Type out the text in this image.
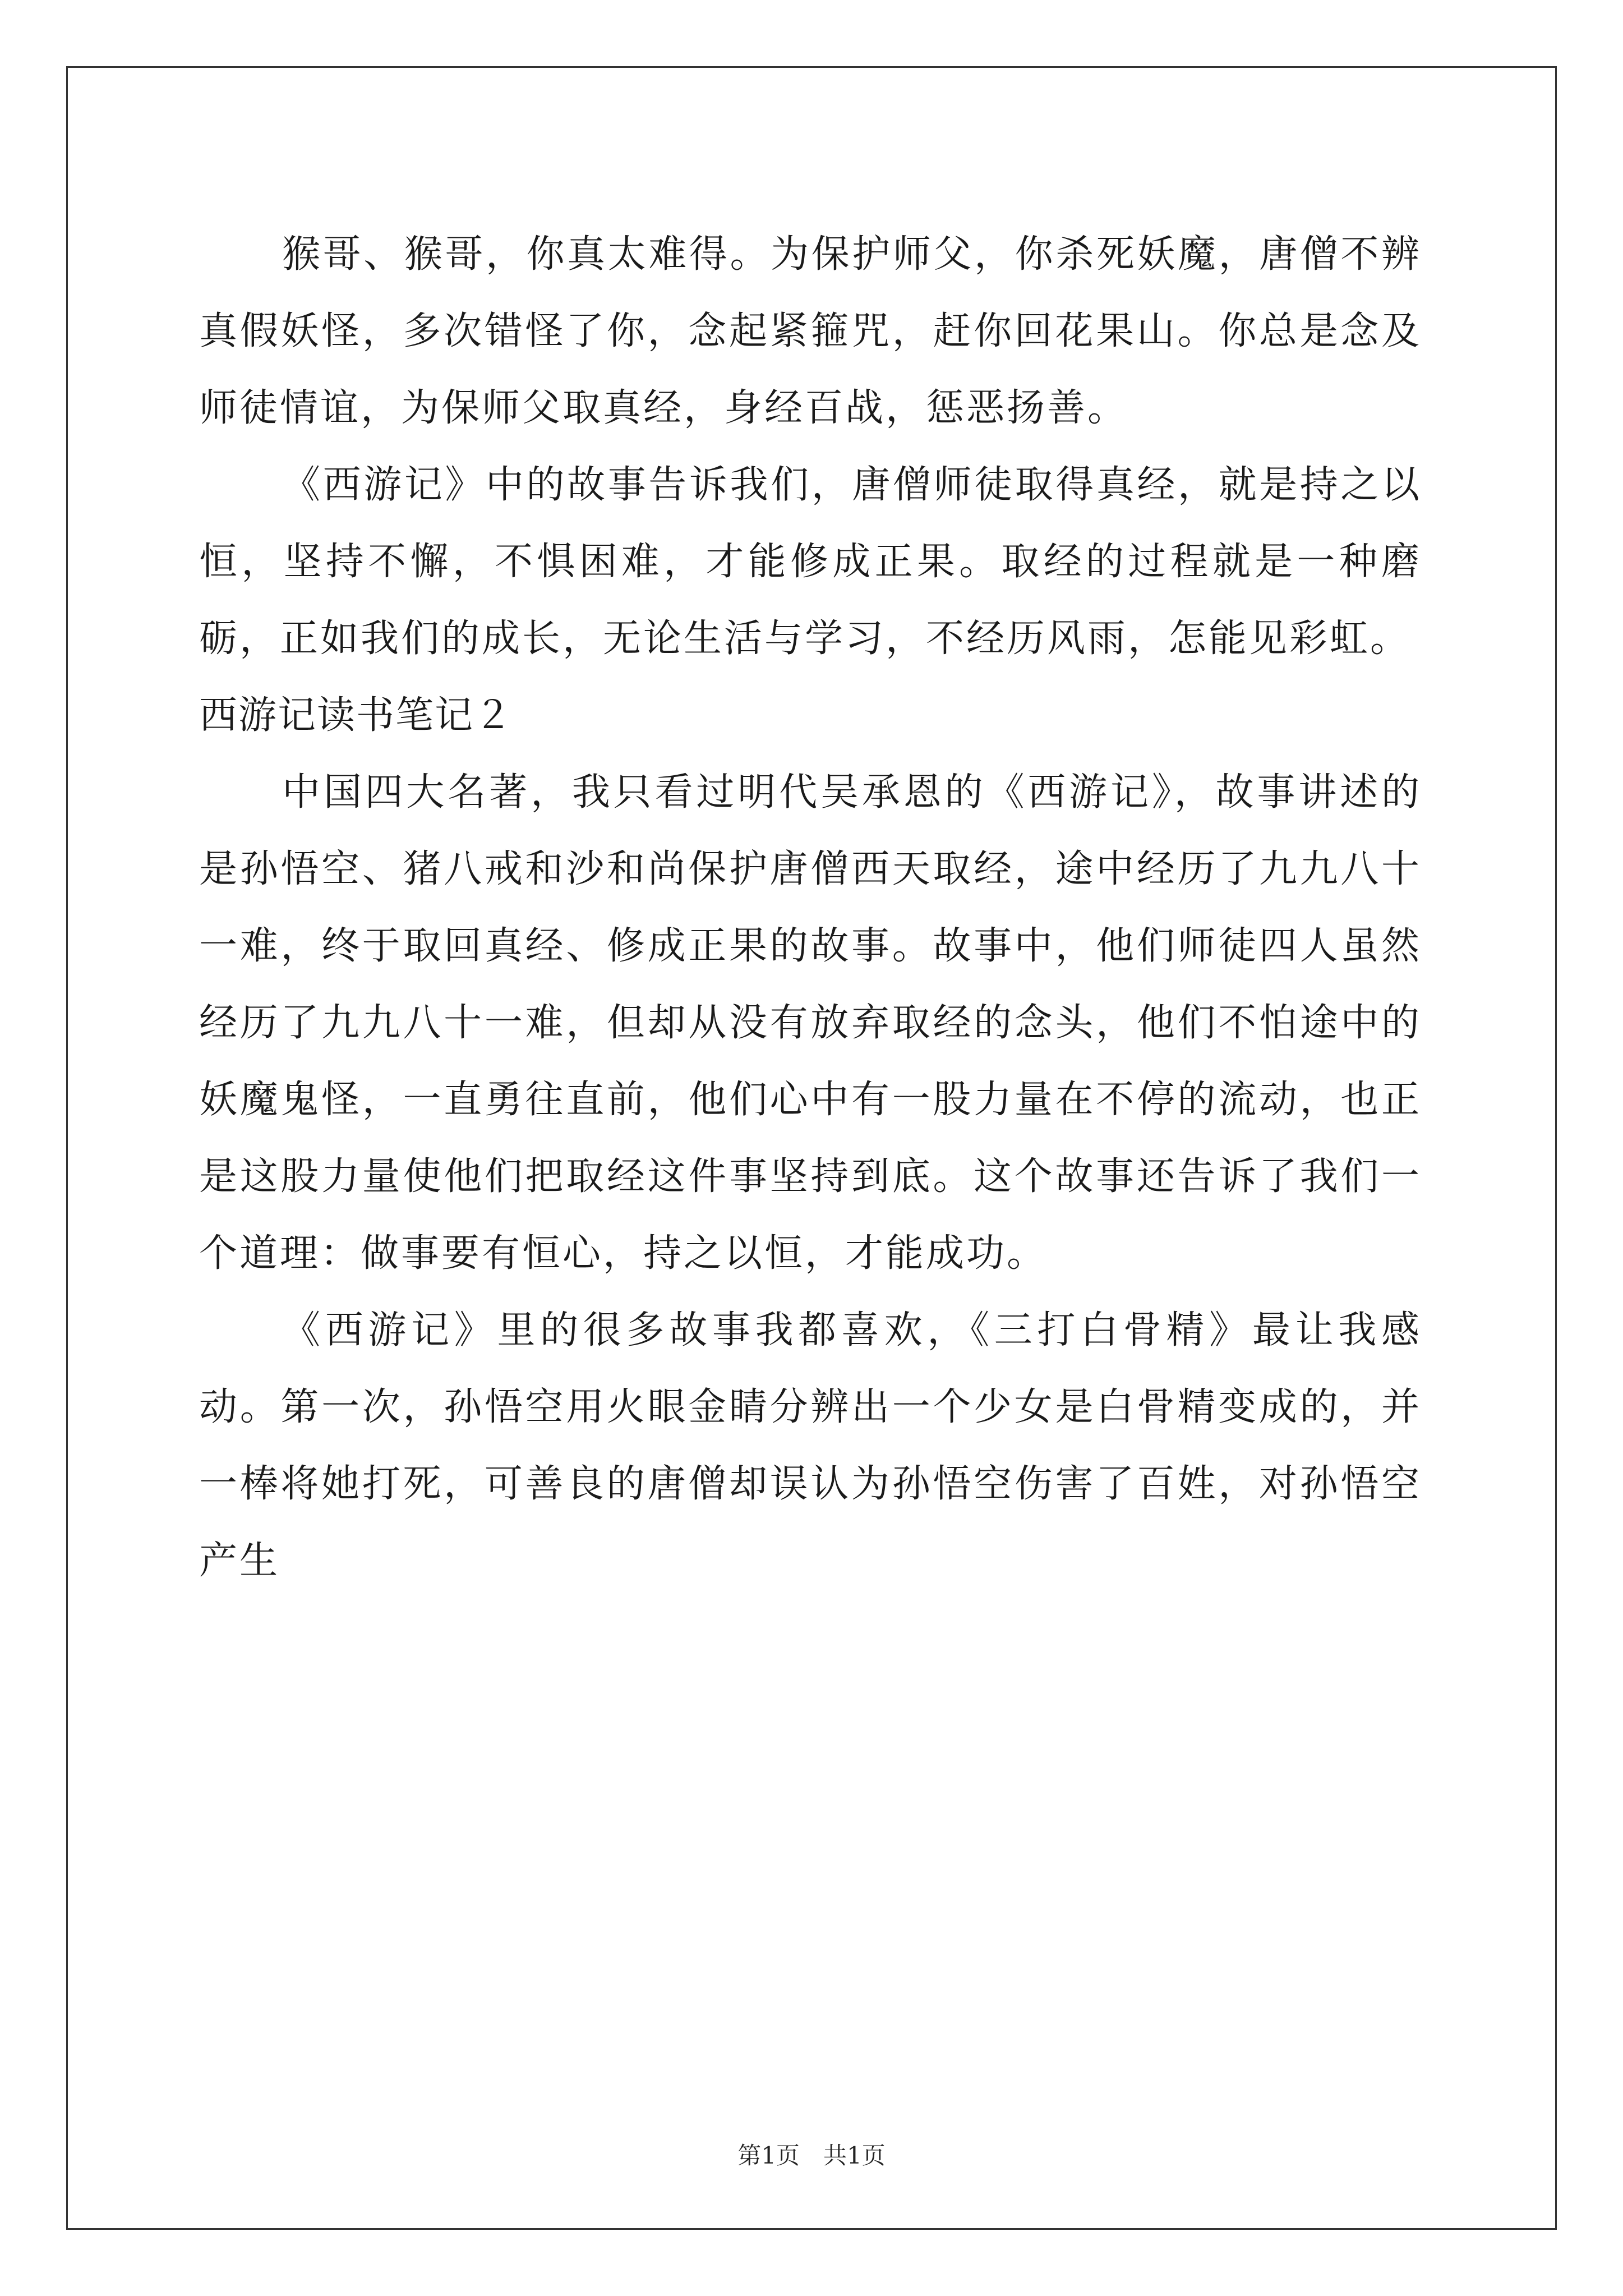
猴哥、猴哥，你真太难得。为保护师父，你杀死妖魔，唐僧不辨真假妖怪，多次错怪了你，念起紧箍咒，赶你回花果山。你总是念及师徒情谊，为保师父取真经，身经百战，惩恶扬善。

《西游记》中的故事告诉我们，唐僧师徒取得真经，就是持之以恒，坚持不懈，不惧困难，才能修成正果。取经的过程就是一种磨砺，正如我们的成长，无论生活与学习，不经历风雨，怎能见彩虹。

西游记读书笔记２

中国四大名著，我只看过明代吴承恩的《西游记》，故事讲述的是孙悟空、猪八戒和沙和尚保护唐僧西天取经，途中经历了九九八十一难，终于取回真经、修成正果的故事。故事中，他们师徒四人虽然经历了九九八十一难，但却从没有放弃取经的念头，他们不怕途中的妖魔鬼怪，一直勇往直前，他们心中有一股力量在不停的流动，也正是这股力量使他们把取经这件事坚持到底。这个故事还告诉了我们一个道理：做事要有恒心，持之以恒，才能成功。

《西游记》里的很多故事我都喜欢，《三打白骨精》最让我感动。第一次，孙悟空用火眼金睛分辨出一个少女是白骨精变成的，并一棒将她打死，可善良的唐僧却误认为孙悟空伤害了百姓，对孙悟空产生

第1页　共1页
